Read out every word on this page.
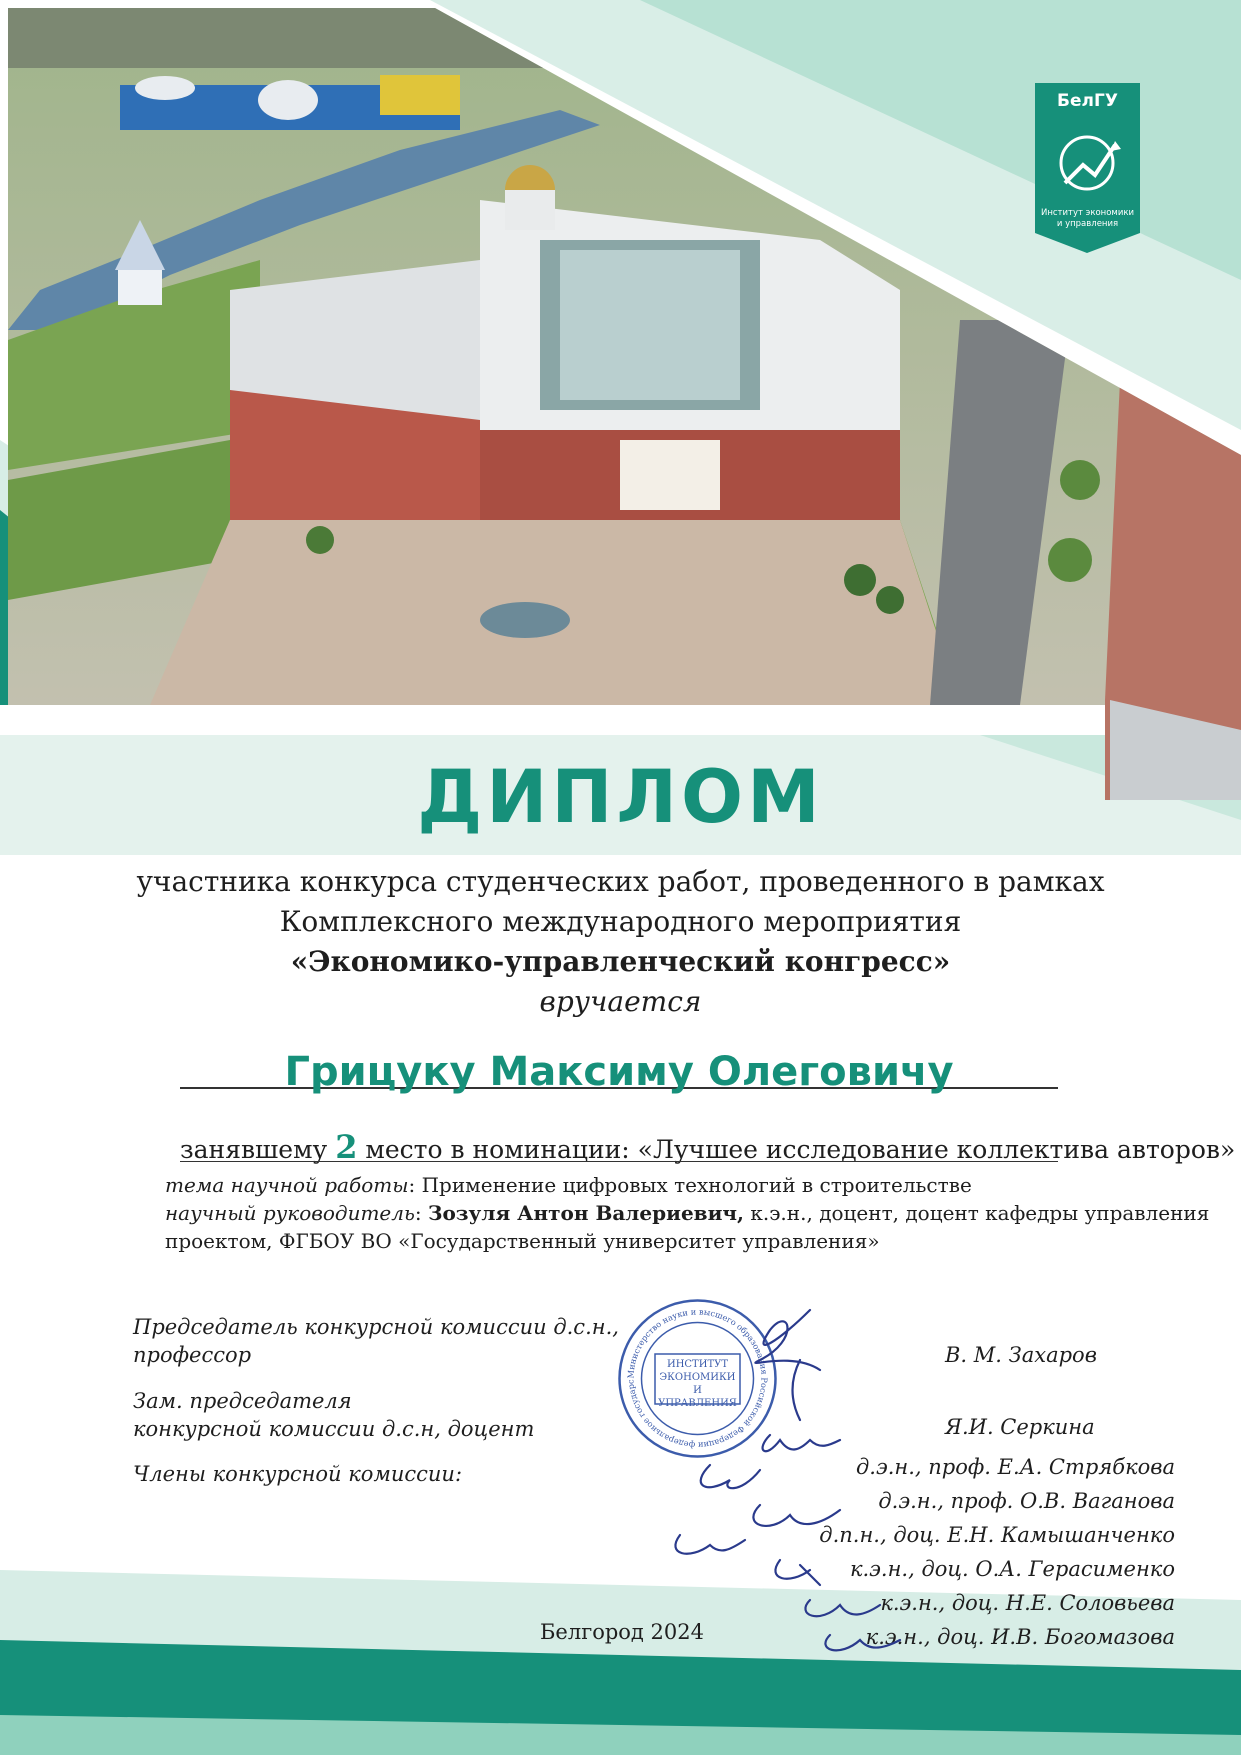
БелГУ
Институт экономики
и управления
ДИПЛОМ
участника конкурса студенческих работ, проведенного в рамках
Комплексного международного мероприятия
«Экономико-управленческий конгресс»
вручается
Грицуку Максиму Олеговичу
занявшему 2 место в номинации: «Лучшее исследование коллектива авторов»
тема научной работы: Применение цифровых технологий в строительстве
научный руководитель: Зозуля Антон Валериевич, к.э.н., доцент, доцент кафедры управления
проектом, ФГБОУ ВО «Государственный университет управления»
Председатель конкурсной комиссии д.с.н.,
профессор	В. М. Захаров
Зам. председателя
конкурсной комиссии д.с.н, доцент	Я.И. Серкина
Члены конкурсной комиссии:	д.э.н., проф. Е.А. Стрябкова
д.э.н., проф. О.В. Ваганова
д.п.н., доц. Е.Н. Камышанченко
к.э.н., доц. О.А. Герасименко
к.э.н., доц. Н.Е. Соловьева
к.э.н., доц. И.В. Богомазова
Министерство науки и высшего образования Российской Федерации федеральное государс
ИНСТИТУТ
ЭКОНОМИКИ И
УПРАВЛЕНИЯ
Белгород 2024
